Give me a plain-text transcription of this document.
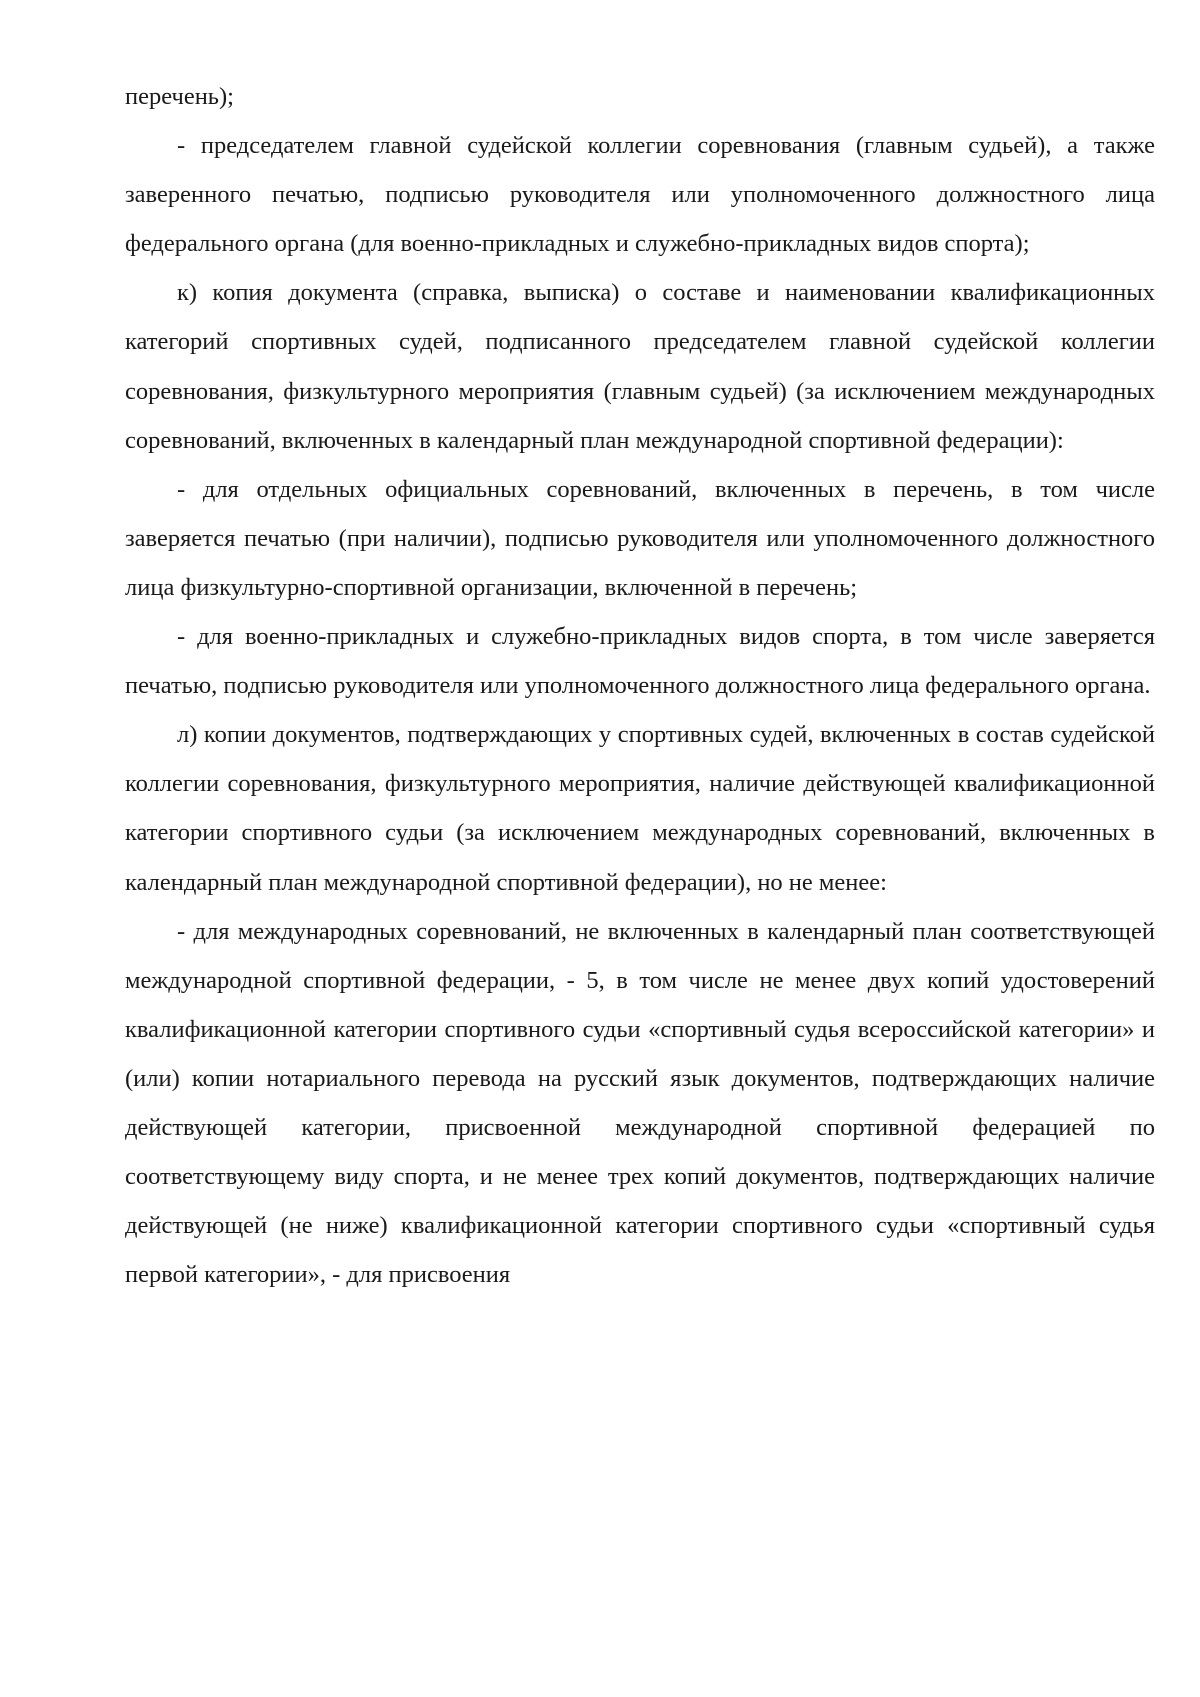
перечень);

- председателем главной судейской коллегии соревнования (главным судьей), а также заверенного печатью, подписью руководителя или уполномоченного должностного лица федерального органа (для военно-прикладных и служебно-прикладных видов спорта);

к) копия документа (справка, выписка) о составе и наименовании квалификационных категорий спортивных судей, подписанного председателем главной судейской коллегии соревнования, физкультурного мероприятия (главным судьей) (за исключением международных соревнований, включенных в календарный план международной спортивной федерации):

- для отдельных официальных соревнований, включенных в перечень, в том числе заверяется печатью (при наличии), подписью руководителя или уполномоченного должностного лица физкультурно-спортивной организации, включенной в перечень;

- для военно-прикладных и служебно-прикладных видов спорта, в том числе заверяется печатью, подписью руководителя или уполномоченного должностного лица федерального органа.

л) копии документов, подтверждающих у спортивных судей, включенных в состав судейской коллегии соревнования, физкультурного мероприятия, наличие действующей квалификационной категории спортивного судьи (за исключением международных соревнований, включенных в календарный план международной спортивной федерации), но не менее:

- для международных соревнований, не включенных в календарный план соответствующей международной спортивной федерации, - 5, в том числе не менее двух копий удостоверений квалификационной категории спортивного судьи «спортивный судья всероссийской категории» и (или) копии нотариального перевода на русский язык документов, подтверждающих наличие действующей категории, присвоенной международной спортивной федерацией по соответствующему виду спорта, и не менее трех копий документов, подтверждающих наличие действующей (не ниже) квалификационной категории спортивного судьи «спортивный судья первой категории», - для присвоения
